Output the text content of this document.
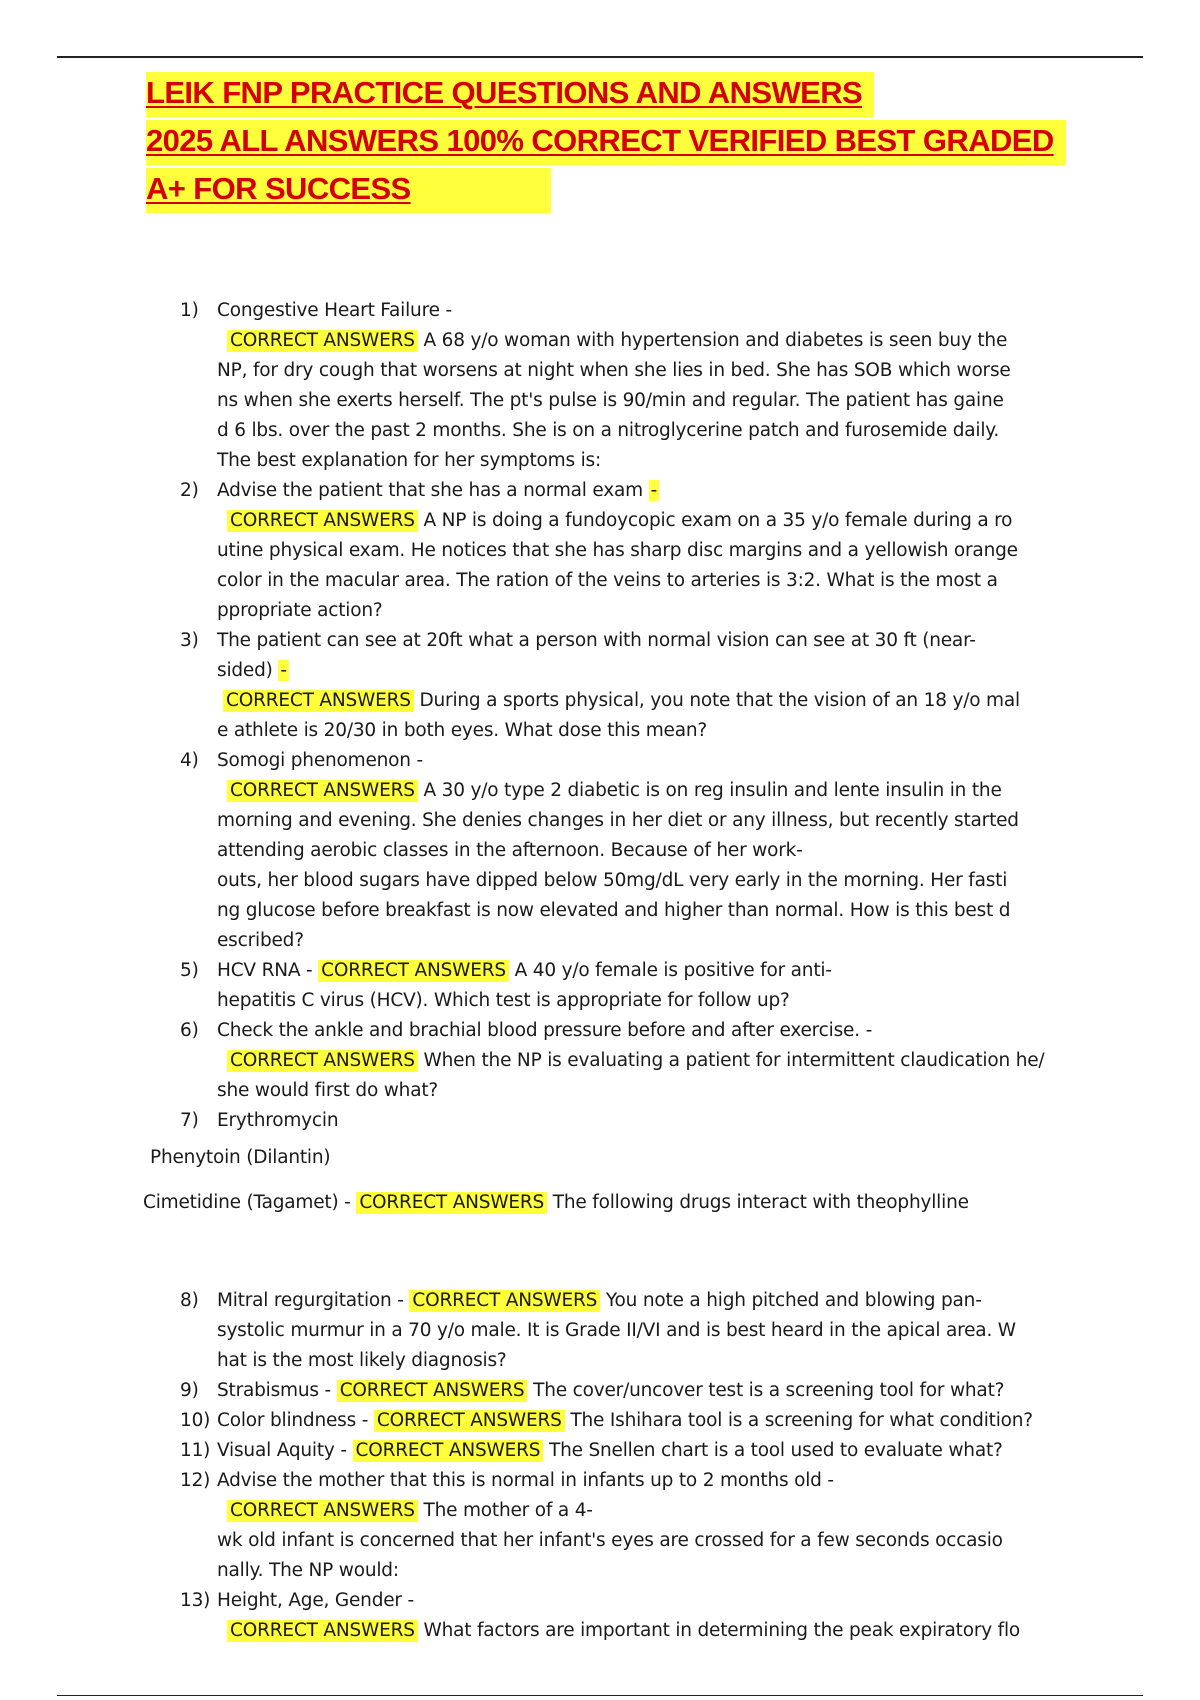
LEIK FNP PRACTICE QUESTIONS AND ANSWERS
2025 ALL ANSWERS 100% CORRECT VERIFIED BEST GRADED
A+ FOR SUCCESS
1) Congestive Heart Failure -
CORRECT ANSWERS A 68 y/o woman with hypertension and diabetes is seen buy the
NP, for dry cough that worsens at night when she lies in bed. She has SOB which worse
ns when she exerts herself. The pt's pulse is 90/min and regular. The patient has gaine
d 6 lbs. over the past 2 months. She is on a nitroglycerine patch and furosemide daily.
The best explanation for her symptoms is:
2) Advise the patient that she has a normal exam -
CORRECT ANSWERS A NP is doing a fundoycopic exam on a 35 y/o female during a ro
utine physical exam. He notices that she has sharp disc margins and a yellowish orange
color in the macular area. The ration of the veins to arteries is 3:2. What is the most a
ppropriate action?
3) The patient can see at 20ft what a person with normal vision can see at 30 ft (near-
sided) -
CORRECT ANSWERS During a sports physical, you note that the vision of an 18 y/o mal
e athlete is 20/30 in both eyes. What dose this mean?
4) Somogi phenomenon -
CORRECT ANSWERS A 30 y/o type 2 diabetic is on reg insulin and lente insulin in the
morning and evening. She denies changes in her diet or any illness, but recently started
attending aerobic classes in the afternoon. Because of her work-
outs, her blood sugars have dipped below 50mg/dL very early in the morning. Her fasti
ng glucose before breakfast is now elevated and higher than normal. How is this best d
escribed?
5) HCV RNA - CORRECT ANSWERS A 40 y/o female is positive for anti-
hepatitis C virus (HCV). Which test is appropriate for follow up?
6) Check the ankle and brachial blood pressure before and after exercise. -
CORRECT ANSWERS When the NP is evaluating a patient for intermittent claudication he/
she would first do what?
7) Erythromycin
Phenytoin (Dilantin)
Cimetidine (Tagamet) - CORRECT ANSWERS The following drugs interact with theophylline
8) Mitral regurgitation - CORRECT ANSWERS You note a high pitched and blowing pan-
systolic murmur in a 70 y/o male. It is Grade II/VI and is best heard in the apical area. W
hat is the most likely diagnosis?
9) Strabismus - CORRECT ANSWERS The cover/uncover test is a screening tool for what?
10) Color blindness - CORRECT ANSWERS The Ishihara tool is a screening for what condition?
11) Visual Aquity - CORRECT ANSWERS The Snellen chart is a tool used to evaluate what?
12) Advise the mother that this is normal in infants up to 2 months old -
CORRECT ANSWERS The mother of a 4-
wk old infant is concerned that her infant's eyes are crossed for a few seconds occasio
nally. The NP would:
13) Height, Age, Gender -
CORRECT ANSWERS What factors are important in determining the peak expiratory flo
